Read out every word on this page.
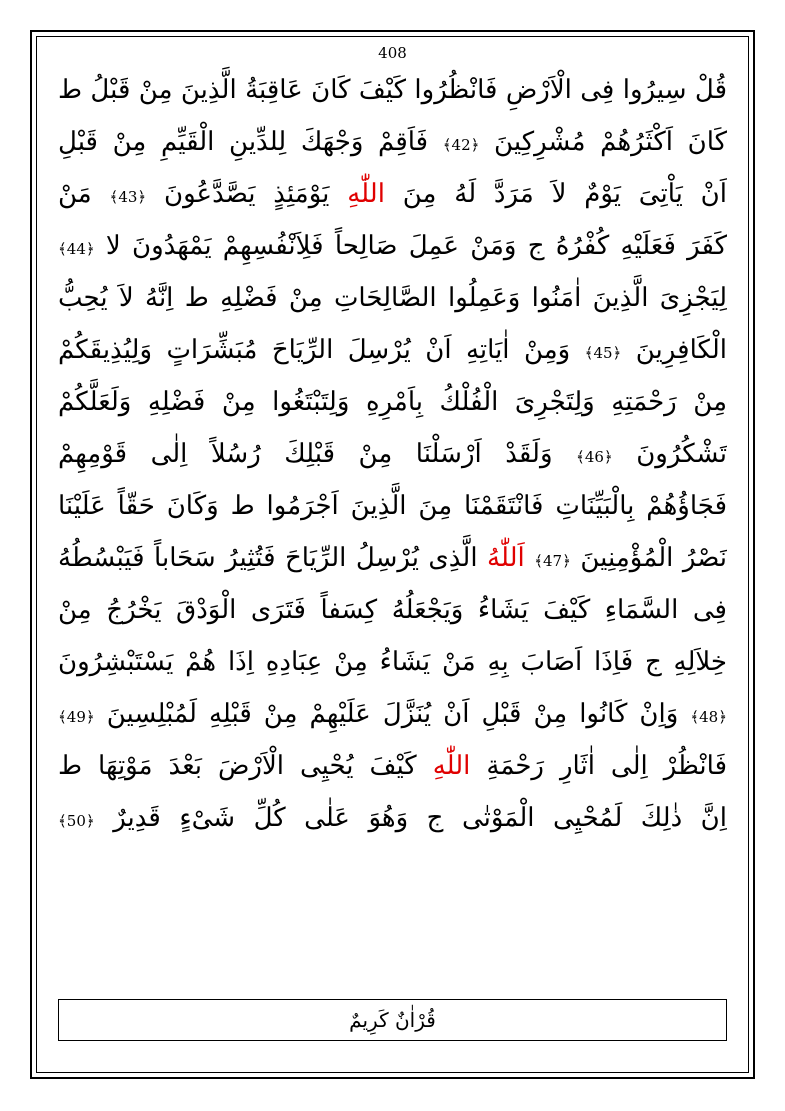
408
قُلْ سِيرُوا فِى الْاَرْضِ فَانْظُرُوا كَيْفَ كَانَ عَاقِبَةُ الَّذِينَ مِنْ قَبْلُ ط
كَانَ اَكْثَرُهُمْ مُشْرِكِينَ ﴿42﴾ فَاَقِمْ وَجْهَكَ لِلدِّينِ الْقَيِّمِ مِنْ قَبْلِ
اَنْ يَاْتِىَ يَوْمٌ لاَ مَرَدَّ لَهُ مِنَ اللّٰهِ يَوْمَئِذٍ يَصَّدَّعُونَ ﴿43﴾ مَنْ
كَفَرَ فَعَلَيْهِ كُفْرُهُ ج وَمَنْ عَمِلَ صَالِحاً فَلِاَنْفُسِهِمْ يَمْهَدُونَ لا ﴿44﴾
لِيَجْزِىَ الَّذِينَ اٰمَنُوا وَعَمِلُوا الصَّالِحَاتِ مِنْ فَضْلِهِ ط اِنَّهُ لاَ يُحِبُّ
الْكَافِرِينَ ﴿45﴾ وَمِنْ اٰيَاتِهِ اَنْ يُرْسِلَ الرِّيَاحَ مُبَشِّرَاتٍ وَلِيُذِيقَكُمْ
مِنْ رَحْمَتِهِ وَلِتَجْرِىَ الْفُلْكُ بِاَمْرِهِ وَلِتَبْتَغُوا مِنْ فَضْلِهِ وَلَعَلَّكُمْ
تَشْكُرُونَ ﴿46﴾ وَلَقَدْ اَرْسَلْنَا مِنْ قَبْلِكَ رُسُلاً اِلٰى قَوْمِهِمْ
فَجَاؤُهُمْ بِالْبَيِّنَاتِ فَانْتَقَمْنَا مِنَ الَّذِينَ اَجْرَمُوا ط وَكَانَ حَقّاً عَلَيْنَا
نَصْرُ الْمُؤْمِنِينَ ﴿47﴾ اَللّٰهُ الَّذِى يُرْسِلُ الرِّيَاحَ فَتُثِيرُ سَحَاباً فَيَبْسُطُهُ
فِى السَّمَاءِ كَيْفَ يَشَاءُ وَيَجْعَلُهُ كِسَفاً فَتَرَى الْوَدْقَ يَخْرُجُ مِنْ
خِلاَلِهِ ج فَاِذَا اَصَابَ بِهِ مَنْ يَشَاءُ مِنْ عِبَادِهِ اِذَا هُمْ يَسْتَبْشِرُونَ
﴿48﴾ وَاِنْ كَانُوا مِنْ قَبْلِ اَنْ يُنَزَّلَ عَلَيْهِمْ مِنْ قَبْلِهِ لَمُبْلِسِينَ ﴿49﴾
فَانْظُرْ اِلٰى اٰثَارِ رَحْمَةِ اللّٰهِ كَيْفَ يُحْيِى الْاَرْضَ بَعْدَ مَوْتِهَا ط
اِنَّ ذٰلِكَ لَمُحْيِى الْمَوْتٰى ج وَهُوَ عَلٰى كُلِّ شَىْءٍ قَدِيرٌ ﴿50﴾
قُرْاٰنٌ كَرِيمٌ
